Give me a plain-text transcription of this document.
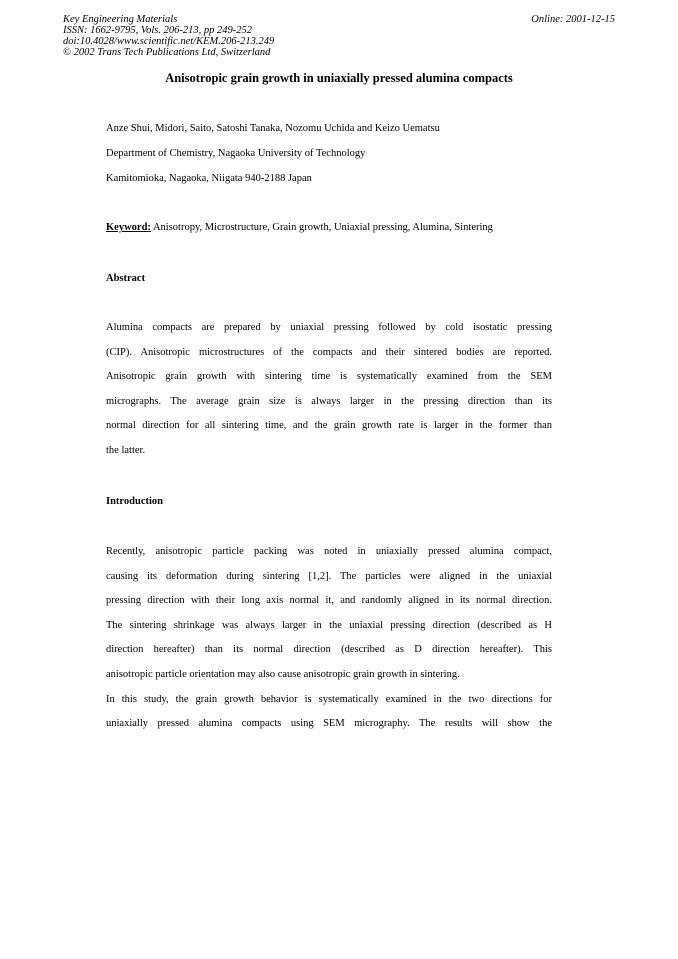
Key Engineering Materials
ISSN: 1662-9795, Vols. 206-213, pp 249-252
doi:10.4028/www.scientific.net/KEM.206-213.249
© 2002 Trans Tech Publications Ltd, Switzerland
Online: 2001-12-15
Anisotropic grain growth in uniaxially pressed alumina compacts
Anze Shui, Midori, Saito, Satoshi Tanaka, Nozomu Uchida and Keizo Uematsu
Department of Chemistry, Nagaoka University of Technology
Kamitomioka, Nagaoka, Niigata 940-2188 Japan
Keyword: Anisotropy, Microstructure, Grain growth, Uniaxial pressing, Alumina, Sintering
Abstract
Alumina compacts are prepared by uniaxial pressing followed by cold isostatic pressing
(CIP). Anisotropic microstructures of the compacts and their sintered bodies are reported.
Anisotropic grain growth with sintering time is systematically examined from the SEM
micrographs. The average grain size is always larger in the pressing direction than its
normal direction for all sintering time, and the grain growth rate is larger in the former than
the latter.
Introduction
Recently, anisotropic particle packing was noted in uniaxially pressed alumina compact,
causing its deformation during sintering [1,2]. The particles were aligned in the uniaxial
pressing direction with their long axis normal it, and randomly aligned in its normal direction.
The sintering shrinkage was always larger in the uniaxial pressing direction (described as H
direction hereafter) than its normal direction (described as D direction hereafter). This
anisotropic particle orientation may also cause anisotropic grain growth in sintering.
In this study, the grain growth behavior is systematically examined in the two directions for
uniaxially pressed alumina compacts using SEM micrography. The results will show the
